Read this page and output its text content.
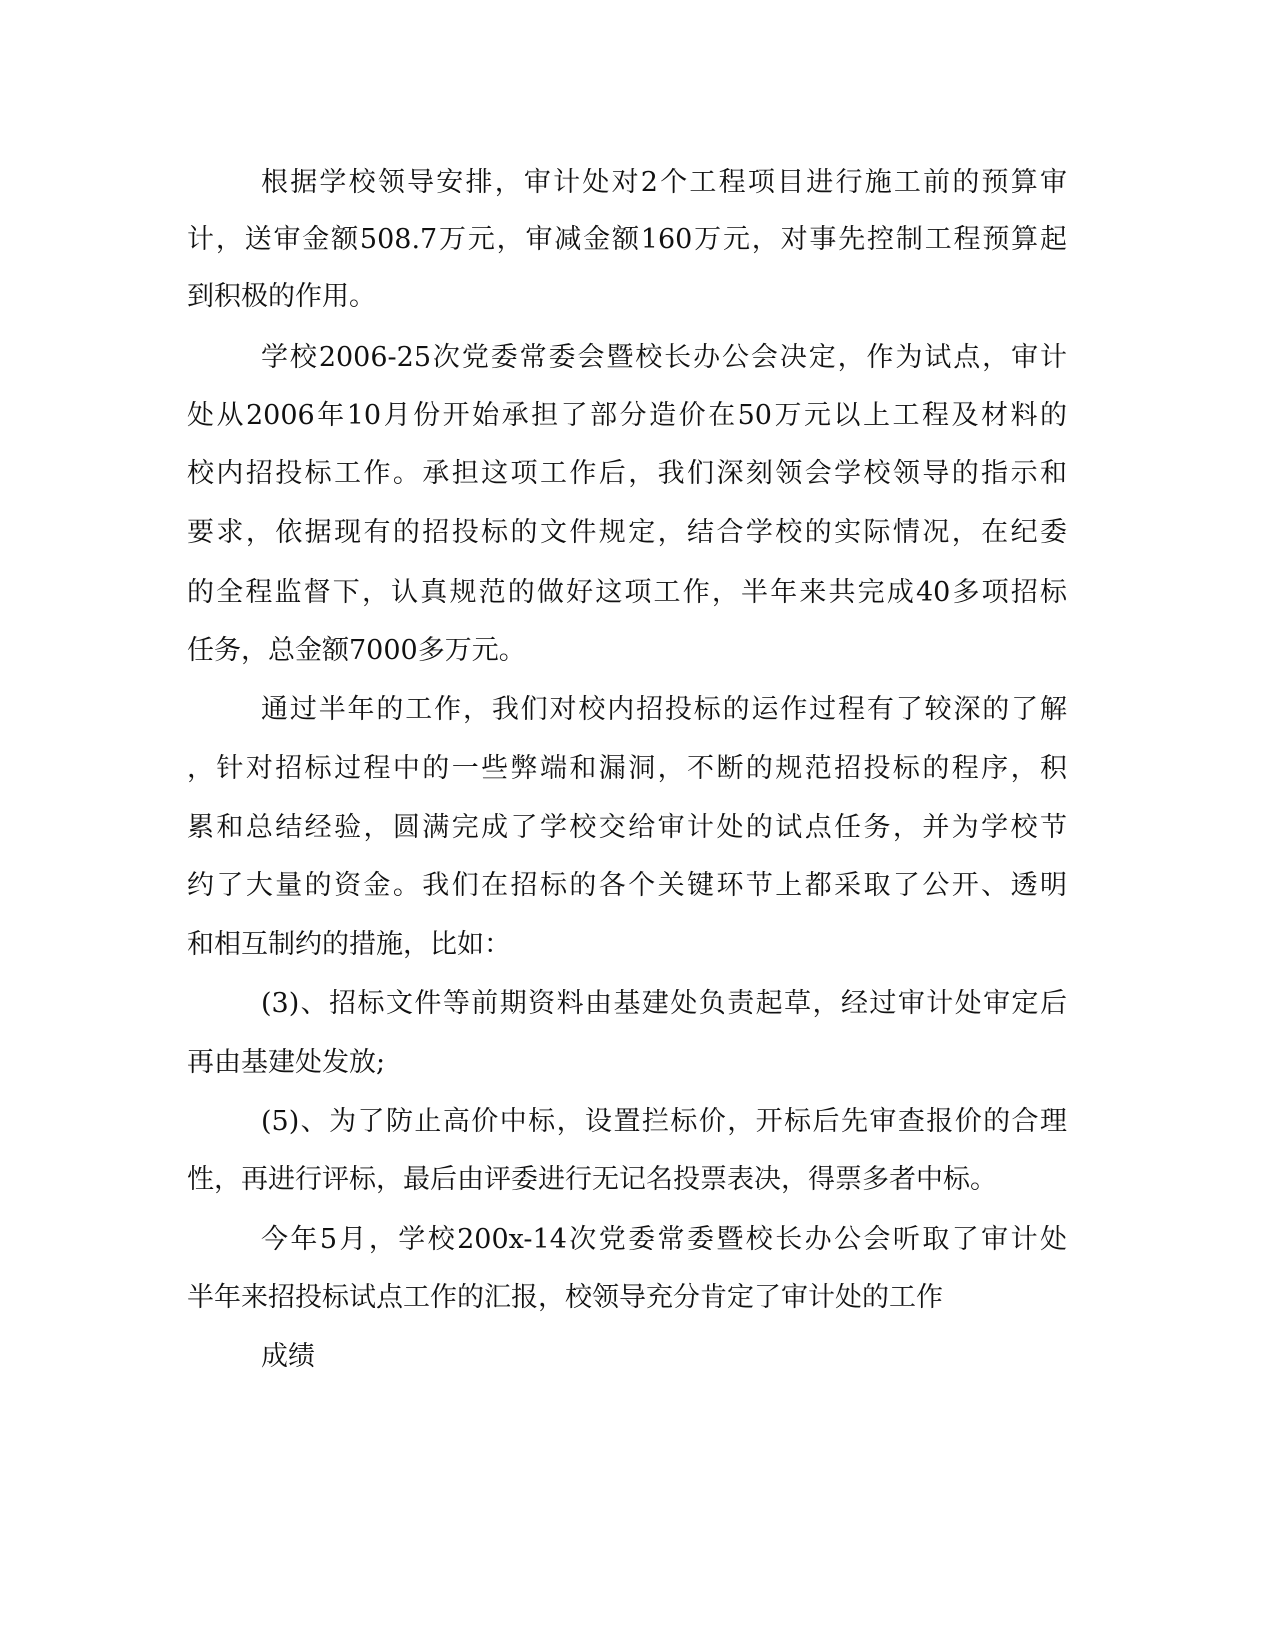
根据学校领导安排，审计处对2个工程项目进行施工前的预算审
计，送审金额508.7万元，审减金额160万元，对事先控制工程预算起
到积极的作用。
学校2006-25次党委常委会暨校长办公会决定，作为试点，审计
处从2006年10月份开始承担了部分造价在50万元以上工程及材料的
校内招投标工作。承担这项工作后，我们深刻领会学校领导的指示和
要求，依据现有的招投标的文件规定，结合学校的实际情况，在纪委
的全程监督下，认真规范的做好这项工作，半年来共完成40多项招标
任务，总金额7000多万元。
通过半年的工作，我们对校内招投标的运作过程有了较深的了解
，针对招标过程中的一些弊端和漏洞，不断的规范招投标的程序，积
累和总结经验，圆满完成了学校交给审计处的试点任务，并为学校节
约了大量的资金。我们在招标的各个关键环节上都采取了公开、透明
和相互制约的措施，比如：
(3)、招标文件等前期资料由基建处负责起草，经过审计处审定后
再由基建处发放;
(5)、为了防止高价中标，设置拦标价，开标后先审查报价的合理
性，再进行评标，最后由评委进行无记名投票表决，得票多者中标。
今年5月，学校200x-14次党委常委暨校长办公会听取了审计处
半年来招投标试点工作的汇报，校领导充分肯定了审计处的工作
成绩
